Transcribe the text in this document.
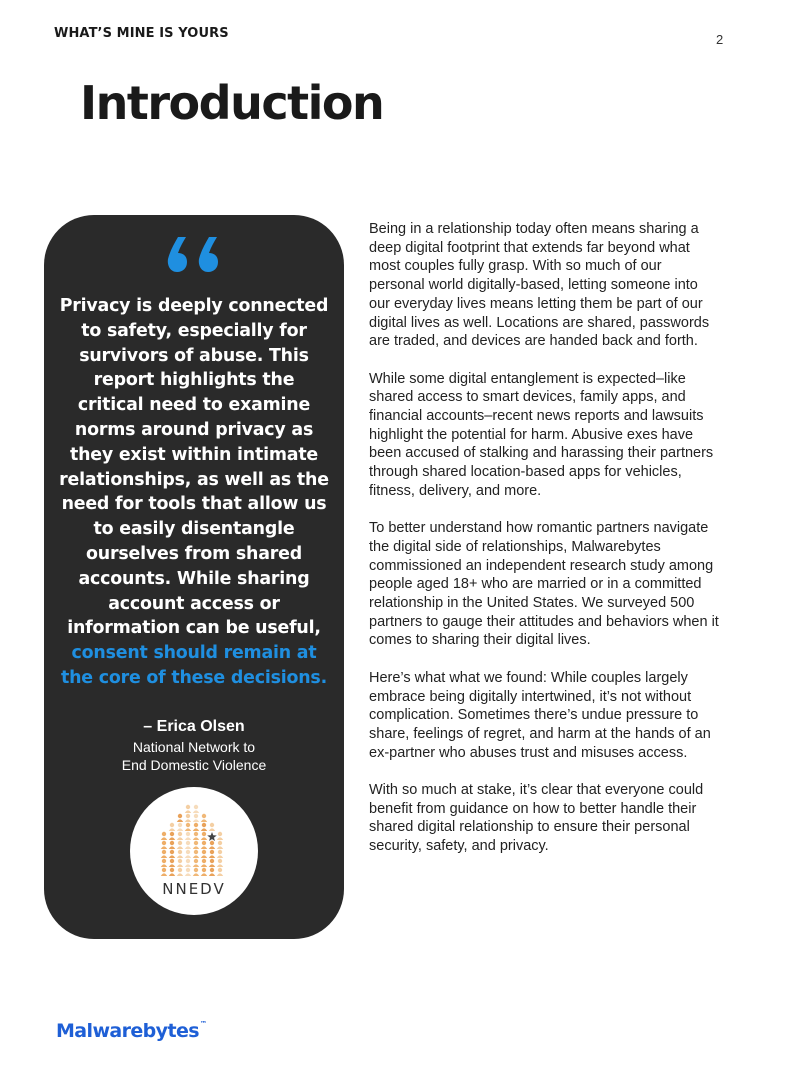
WHAT’S MINE IS YOURS	2
Introduction

Privacy is deeply connected to safety, especially for survivors of abuse. This report highlights the critical need to examine norms around privacy as they exist within intimate relationships, as well as the need for tools that allow us to easily disentangle ourselves from shared accounts. While sharing account access or information can be useful, consent should remain at the core of these decisions.

– Erica Olsen
National Network to
End Domestic Violence
NNEDV

Being in a relationship today often means sharing a deep digital footprint that extends far beyond what most couples fully grasp. With so much of our personal world digitally-based, letting someone into our everyday lives means letting them be part of our digital lives as well. Locations are shared, passwords are traded, and devices are handed back and forth.

While some digital entanglement is expected–like shared access to smart devices, family apps, and financial accounts–recent news reports and lawsuits highlight the potential for harm. Abusive exes have been accused of stalking and harassing their partners through shared location-based apps for vehicles, fitness, delivery, and more.

To better understand how romantic partners navigate the digital side of relationships, Malwarebytes commissioned an independent research study among people aged 18+ who are married or in a committed relationship in the United States. We surveyed 500 partners to gauge their attitudes and behaviors when it comes to sharing their digital lives.

Here’s what what we found: While couples largely embrace being digitally intertwined, it’s not without complication. Sometimes there’s undue pressure to share, feelings of regret, and harm at the hands of an ex-partner who abuses trust and misuses access.

With so much at stake, it’s clear that everyone could benefit from guidance on how to better handle their shared digital relationship to ensure their personal security, safety, and privacy.

Malwarebytes™
